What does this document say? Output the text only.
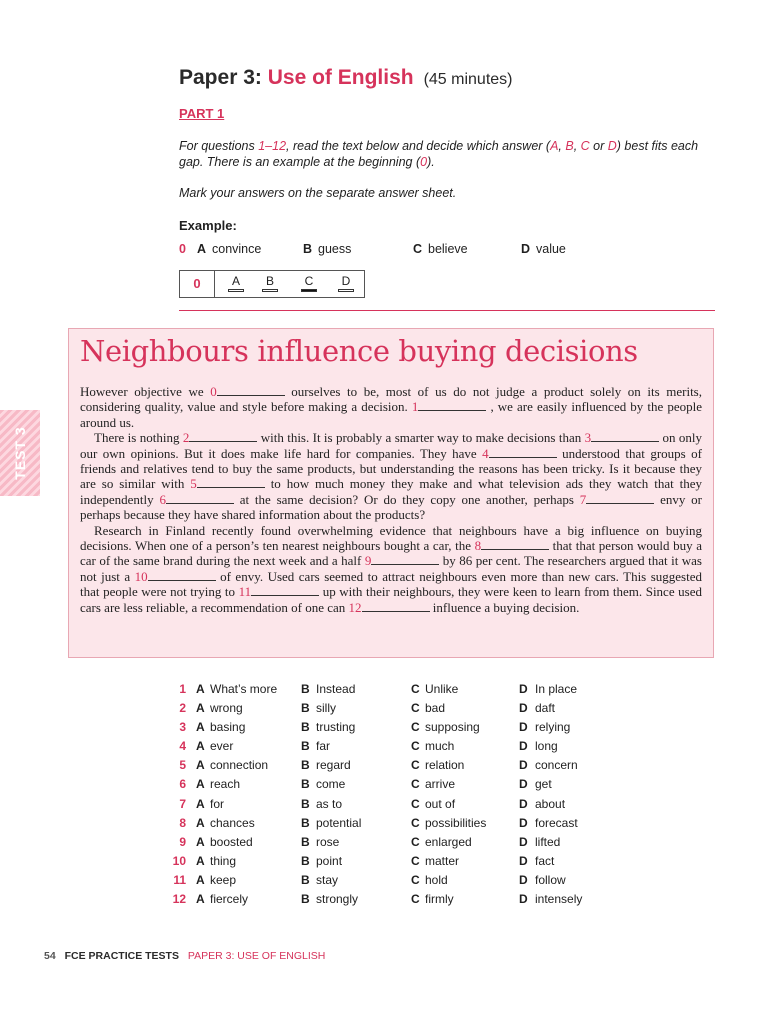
Paper 3: Use of English (45 minutes)
PART 1
For questions 1–12, read the text below and decide which answer (A, B, C or D) best fits each gap. There is an example at the beginning (0).
Mark your answers on the separate answer sheet.
Example:
0 A convince	B guess	C believe	D value
0	A	B	C	D
TEST 3
Neighbours influence buying decisions

However objective we 0	ourselves to be, most of us do not judge a product solely on its merits, considering quality, value and style before making a decision. 1	, we are easily influenced by the people around us.

There is nothing 2	with this. It is probably a smarter way to make decisions than 3	on only our own opinions. But it does make life hard for companies. They have 4	understood that groups of friends and relatives tend to buy the same products, but understanding the reasons has been tricky. Is it because they are so similar with 5	to how much money they make and what television ads they watch that they independently 6	at the same decision? Or do they copy one another, perhaps 7	envy or perhaps because they have shared information about the products?

Research in Finland recently found overwhelming evidence that neighbours have a big influence on buying decisions. When one of a person’s ten nearest neighbours bought a car, the 8	that that person would buy a car of the same brand during the next week and a half 9	by 86 per cent. The researchers argued that it was not just a 10	of envy. Used cars seemed to attract neighbours even more than new cars. This suggested that people were not trying to 11	up with their neighbours, they were keen to learn from them. Since used cars are less reliable, a recommendation of one can 12	influence a buying decision.

1 A What’s more B Instead	C Unlike	D In place
2 A wrong	B silly	C bad	D daft
3 A basing	B trusting	C supposing	D relying
4 A ever	B far	C much	D long
5 A connection	B regard	C relation	D concern
6 A reach	B come	C arrive	D get
7 A for	B as to	C out of	D about
8 A chances	B potential	C possibilities	D forecast
9 A boosted	B rose	C enlarged	D lifted
10 A thing	B point	C matter	D fact
11 A keep	B stay	C hold	D follow
12 A fiercely	B strongly	C firmly	D intensely
54 FCE PRACTICE TESTS PAPER 3: USE OF ENGLISH
